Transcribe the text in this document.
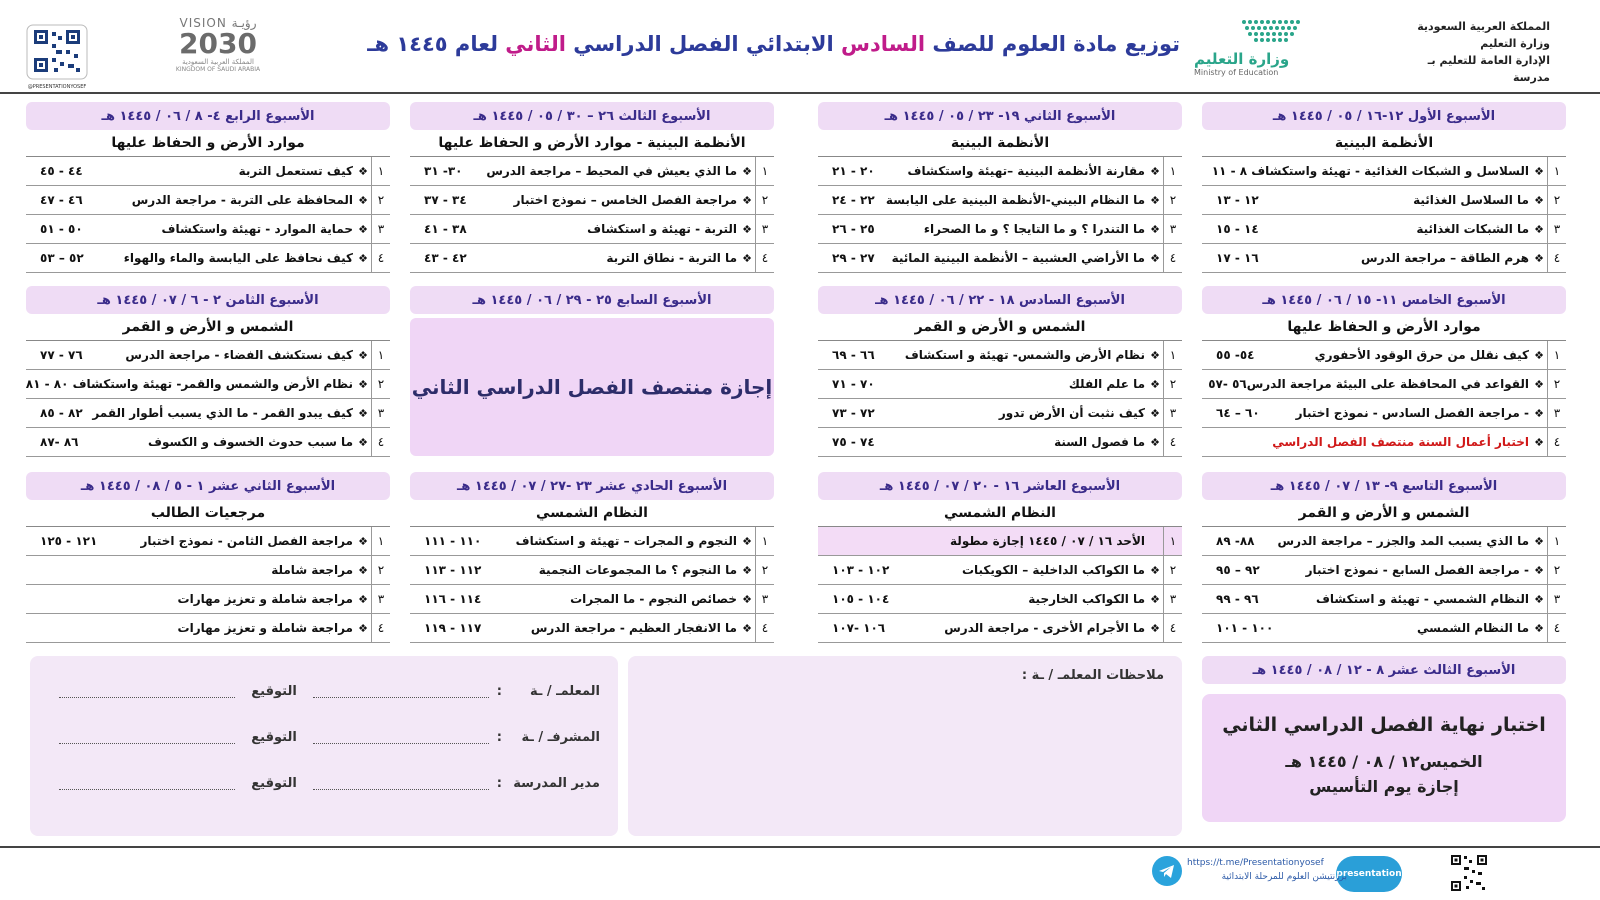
المملكة العربية السعودية
وزارة التعليم
الإدارة العامة للتعليم بـ
مدرسة
وزارة التعليم
Ministry of Education
توزيع مادة العلوم للصف السادس الابتدائي الفصل الدراسي الثاني لعام ١٤٤٥ هـ
VISION رؤيـة
2030
المملكة العربية السعودية
KINGDOM OF SAUDI ARABIA
@PRESENTATIONYOSEF
الأسبوع الأول ١٢-١٦ / ٠٥ / ١٤٤٥ هـ
الأنظمة البينية
١
❖
السلاسل و الشبكات الغذائية - تهيئة واستكشاف ٨ - ١١
٢
❖
ما السلاسل الغذائية
١٢ - ١٣
٣
❖
ما الشبكات الغذائية
١٤ - ١٥
٤
❖
هرم الطاقة – مراجعة الدرس
١٦ - ١٧
الأسبوع الثاني ١٩- ٢٣ / ٠٥ / ١٤٤٥ هـ
الأنظمة البينية
١
❖
مقارنة الأنظمة البينية –تهيئة واستكشاف
٢٠ - ٢١
٢
❖
ما النظام البيني-الأنظمة البينية على اليابسة
٢٢ - ٢٤
٣
❖
ما التندرا ؟ و ما التايجا ؟ و ما الصحراء
٢٥ - ٢٦
٤
❖
ما الأراضي العشبية – الأنظمة البينية المائية
٢٧ - ٢٩
الأسبوع الثالث ٢٦ – ٣٠ / ٠٥ / ١٤٤٥ هـ
الأنظمة البينية - موارد الأرض و الحفاظ عليها
١
❖
ما الذي يعيش في المحيط – مراجعة الدرس
٣٠- ٣١
٢
❖
مراجعة الفصل الخامس – نموذج اختبار
٣٤ - ٣٧
٣
❖
التربة - تهيئة و استكشاف
٣٨ - ٤١
٤
❖
ما التربة - نطاق التربة
٤٢ - ٤٣
الأسبوع الرابع ٤- ٨ / ٠٦ / ١٤٤٥ هـ
موارد الأرض و الحفاظ عليها
١
❖
كيف تستعمل التربة
٤٤ - ٤٥
٢
❖
المحافظة على التربة - مراجعة الدرس
٤٦ - ٤٧
٣
❖
حماية الموارد - تهيئة واستكشاف
٥٠ - ٥١
٤
❖
كيف نحافظ على اليابسة والماء والهواء
٥٢ – ٥٣
الأسبوع الخامس ١١- ١٥ / ٠٦ / ١٤٤٥ هـ
موارد الأرض و الحفاظ عليها
١
❖
كيف نقلل من حرق الوقود الأحفوري
٥٤- ٥٥
٢
❖
القواعد في المحافظة على البيئة مراجعة الدرس
٥٦ -٥٧
٣
❖
- مراجعة الفصل السادس - نموذج اختبار
٦٠ – ٦٤
٤
❖
اختبار أعمال السنة منتصف الفصل الدراسي
الأسبوع السادس ١٨ - ٢٢ / ٠٦ / ١٤٤٥ هـ
الشمس و الأرض و القمر
١
❖
نظام الأرض والشمس- تهيئة و استكشاف
٦٦ - ٦٩
٢
❖
ما علم الفلك
٧٠ - ٧١
٣
❖
كيف نثبت أن الأرض تدور
٧٢ - ٧٣
٤
❖
ما فصول السنة
٧٤ - ٧٥
الأسبوع السابع ٢٥ - ٢٩ / ٠٦ / ١٤٤٥ هـ
إجازة منتصف الفصل الدراسي الثاني
الأسبوع الثامن ٢ - ٦ / ٠٧ / ١٤٤٥ هـ
الشمس و الأرض و القمر
١
❖
كيف نستكشف الفضاء - مراجعة الدرس
٧٦ - ٧٧
٢
❖
نظام الأرض والشمس والقمر- تهيئة واستكشاف ٨٠ - ٨١
٣
❖
كيف يبدو القمر - ما الذي يسبب أطوار القمر
٨٢ - ٨٥
٤
❖
ما سبب حدوث الخسوف و الكسوف
٨٦ -٨٧
الأسبوع التاسع ٩- ١٣ / ٠٧ / ١٤٤٥ هـ
الشمس و الأرض و القمر
١
❖
ما الذي يسبب المد والجزر – مراجعة الدرس
٨٨- ٨٩
٢
❖
- مراجعة الفصل السابع - نموذج اختبار
٩٢ – ٩٥
٣
❖
النظام الشمسي - تهيئة و استكشاف
٩٦ - ٩٩
٤
❖
ما النظام الشمسي
١٠٠ - ١٠١
الأسبوع العاشر ١٦ - ٢٠ / ٠٧ / ١٤٤٥ هـ
النظام الشمسي
١
الأحد ١٦ / ٠٧ / ١٤٤٥ إجازة مطولة
٢
❖
ما الكواكب الداخلية – الكويكبات
١٠٢ - ١٠٣
٣
❖
ما الكواكب الخارجية
١٠٤ - ١٠٥
٤
❖
ما الأجرام الأخرى - مراجعة الدرس
١٠٦ -١٠٧
الأسبوع الحادي عشر ٢٣ -٢٧ / ٠٧ / ١٤٤٥ هـ
النظام الشمسي
١
❖
النجوم و المجرات – تهيئة و استكشاف
١١٠ - ١١١
٢
❖
ما النجوم ؟ ما المجموعات النجمية
١١٢ - ١١٣
٣
❖
خصائص النجوم - ما المجرات
١١٤ - ١١٦
٤
❖
ما الانفجار العظيم - مراجعة الدرس
١١٧ - ١١٩
الأسبوع الثاني عشر ١ - ٥ / ٠٨ / ١٤٤٥ هـ
مرجعيات الطالب
١
❖
مراجعة الفصل الثامن - نموذج اختبار
١٢١ - ١٢٥
٢
❖
مراجعة شاملة
٣
❖
مراجعة شاملة و تعزيز مهارات
٤
❖
مراجعة شاملة و تعزيز مهارات
الأسبوع الثالث عشر ٨ - ١٢ / ٠٨ / ١٤٤٥ هـ
اختبار نهاية الفصل الدراسي الثاني
الخميس١٢ / ٠٨ / ١٤٤٥ هـ
إجازة يوم التأسيس
ملاحظات المعلمـ / ـة :
المعلمـ / ـة
:
التوقيع
المشرفـ / ـة
:
التوقيع
مدير المدرسة
:
التوقيع
presentation
https://t.me/Presentationyosef
برزنتيشن العلوم للمرحلة الابتدائية
